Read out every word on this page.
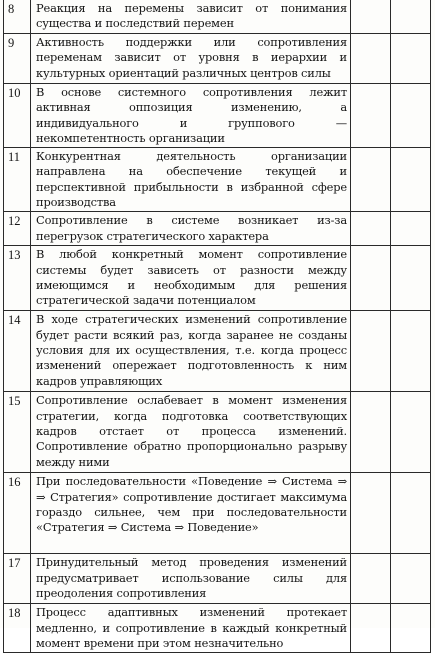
8	Реакция на перемены зависит от понимания существа и последствий перемен		

9	Активность поддержки или сопротивления переменам зависит от уровня в иерархии и культурных ориентаций различных центров силы		

10	В основе системного сопротивления лежит активная оппозиция изменению, а индивидуального и группового — некомпетентность организации		

11	Конкурентная деятельность организации направлена на обеспечение текущей и перспективной прибыльности в избранной сфере производства		

12	Сопротивление в системе возникает из-за перегрузок стратегического характера		

13	В любой конкретный момент сопротивление системы будет зависеть от разности между имеющимся и необходимым для решения стратегической задачи потенциалом		

14	В ходе стратегических изменений сопротивление будет расти всякий раз, когда заранее не созданы условия для их осуществления, т.е. когда процесс изменений опережает подготовленность к ним кадров управляющих		

15	Сопротивление ослабевает в момент изменения стратегии, когда подготовка соответствующих кадров отстает от процесса изменений. Сопротивление обратно пропорционально разрыву между ними		

16	При последовательности «Поведение ⇒ Система ⇒ ⇒ Стратегия» сопротивление достигает максимума гораздо сильнее, чем при последовательности «Стратегия ⇒ Система ⇒ Поведение»		

17	Принудительный метод проведения изменений предусматривает использование силы для преодоления сопротивления		

18	Процесс адаптивных изменений протекает медленно, и сопротивление в каждый конкретный момент времени при этом незначительно		
